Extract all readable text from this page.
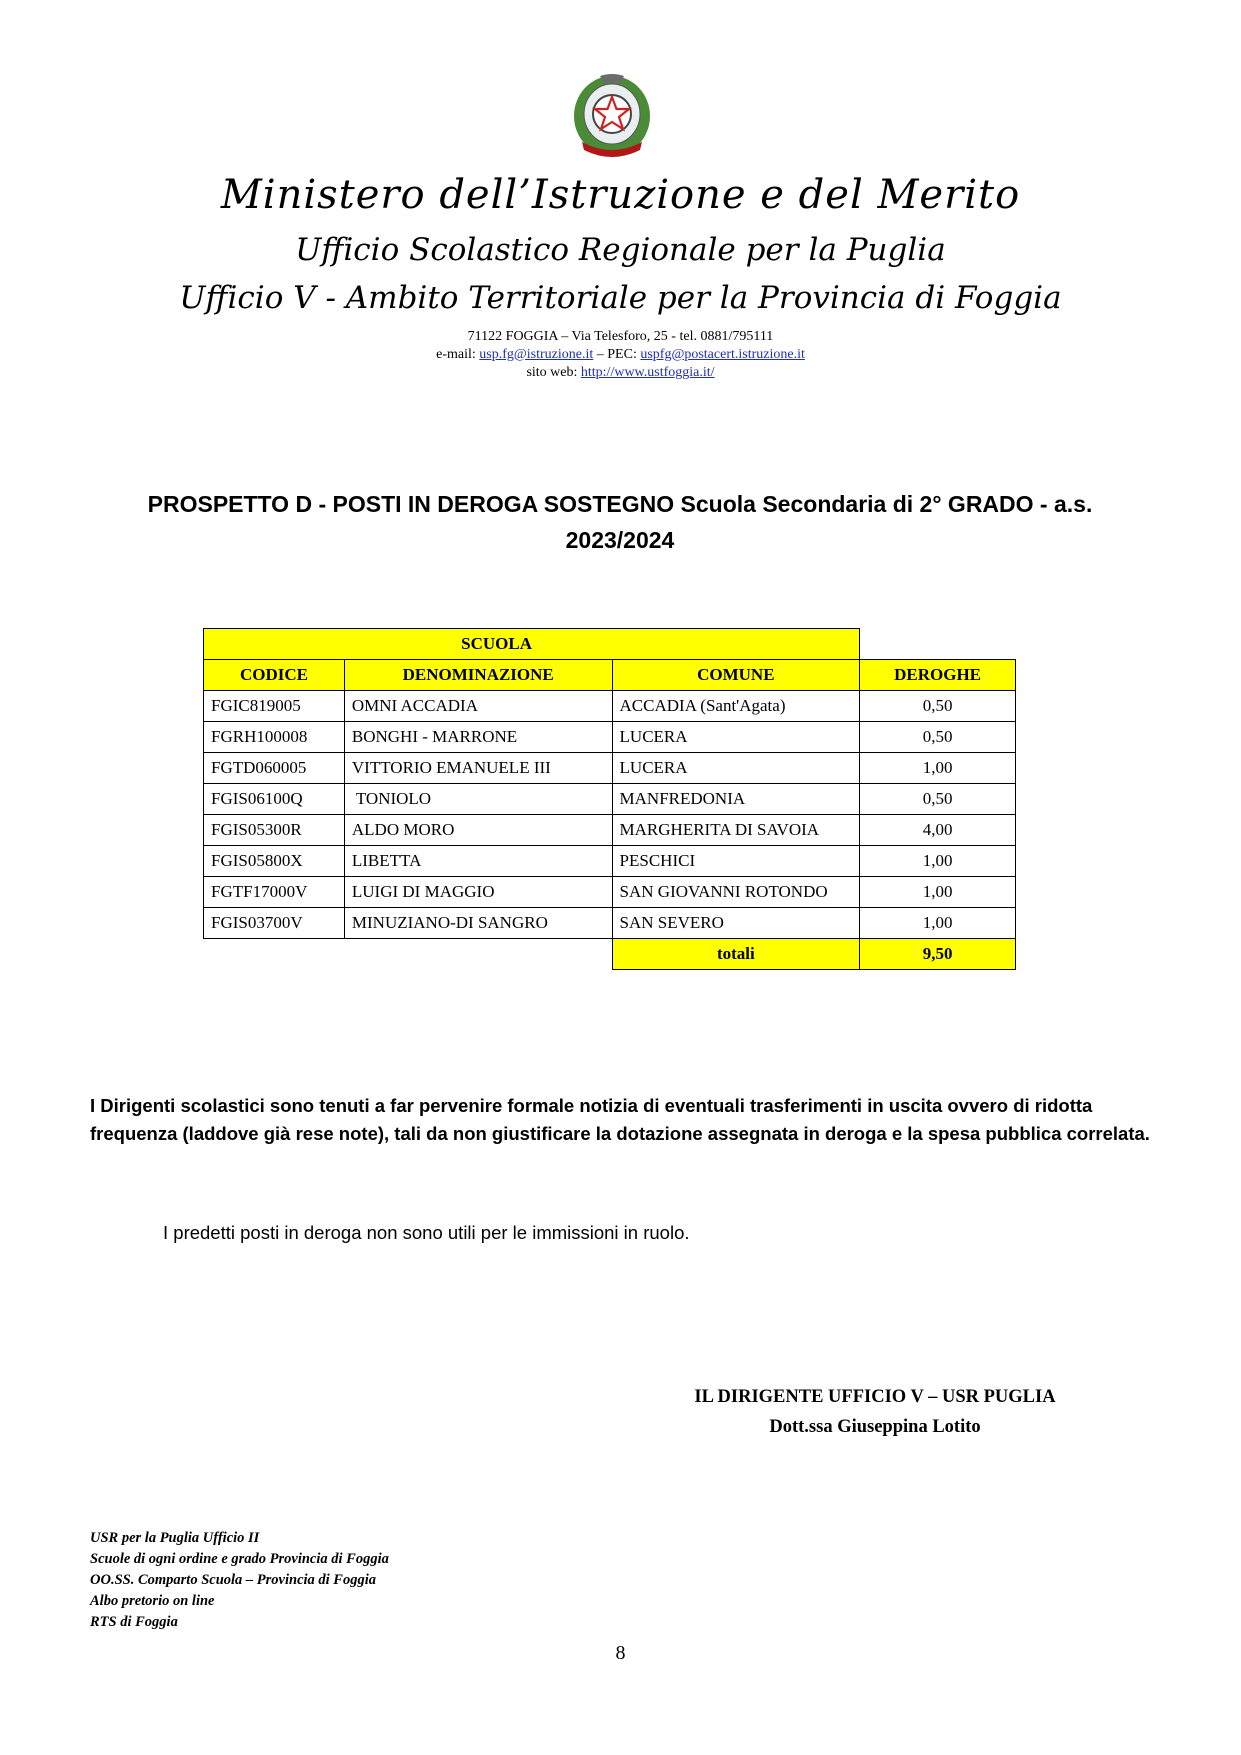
Ministero dell’Istruzione e del Merito
Ufficio Scolastico Regionale per la Puglia
Ufficio V - Ambito Territoriale per la Provincia di Foggia
71122 FOGGIA – Via Telesforo, 25 - tel. 0881/795111
e-mail: usp.fg@istruzione.it – PEC: uspfg@postacert.istruzione.it
sito web: http://www.ustfoggia.it/
PROSPETTO D - POSTI IN DEROGA SOSTEGNO Scuola Secondaria di 2° GRADO - a.s.
2023/2024
SCUOLA			
CODICE	DENOMINAZIONE	COMUNE	DEROGHE
FGIC819005	OMNI ACCADIA	ACCADIA (Sant'Agata)	0,50
FGRH100008	BONGHI - MARRONE	LUCERA	0,50
FGTD060005	VITTORIO EMANUELE III	LUCERA	1,00
FGIS06100Q	TONIOLO	MANFREDONIA	0,50
FGIS05300R	ALDO MORO	MARGHERITA DI SAVOIA	4,00
FGIS05800X	LIBETTA	PESCHICI	1,00
FGTF17000V	LUIGI DI MAGGIO	SAN GIOVANNI ROTONDO	1,00
FGIS03700V	MINUZIANO-DI SANGRO	SAN SEVERO	1,00
		totali	9,50
I Dirigenti scolastici sono tenuti a far pervenire formale notizia di eventuali trasferimenti in uscita ovvero di ridotta frequenza (laddove già rese note), tali da non giustificare la dotazione assegnata in deroga e la spesa pubblica correlata.
I predetti posti in deroga non sono utili per le immissioni in ruolo.
IL DIRIGENTE UFFICIO V – USR PUGLIA
Dott.ssa Giuseppina Lotito
USR per la Puglia Ufficio II
Scuole di ogni ordine e grado Provincia di Foggia
OO.SS. Comparto Scuola – Provincia di Foggia
Albo pretorio on line
RTS di Foggia
8
